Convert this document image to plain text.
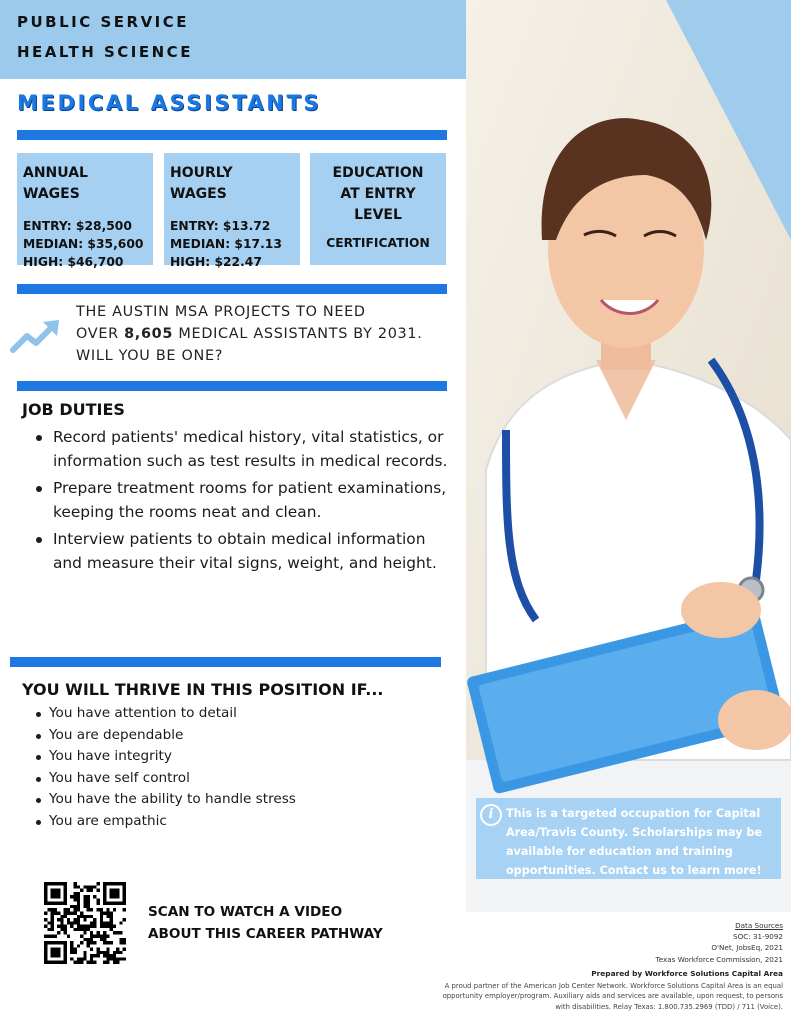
PUBLIC SERVICE
HEALTH SCIENCE
MEDICAL ASSISTANTS
ANNUAL WAGES
ENTRY: $28,500
MEDIAN: $35,600
HIGH: $46,700
HOURLY WAGES
ENTRY: $13.72
MEDIAN: $17.13
HIGH: $22.47
EDUCATION
AT ENTRY LEVEL
CERTIFICATION
THE AUSTIN MSA PROJECTS TO NEED
OVER 8,605 MEDICAL ASSISTANTS BY 2031.
WILL YOU BE ONE?
JOB DUTIES
Record patients' medical history, vital statistics, or information such as test results in medical records.
Prepare treatment rooms for patient examinations, keeping the rooms neat and clean.
Interview patients to obtain medical information and measure their vital signs, weight, and height.
YOU WILL THRIVE IN THIS POSITION IF...
You have attention to detail
You are dependable
You have integrity
You have self control
You have the ability to handle stress
You are empathic
SCAN TO WATCH A VIDEO
ABOUT THIS CAREER PATHWAY
i	This is a targeted occupation for Capital Area/Travis County. Scholarships may be available for education and training opportunities. Contact us to learn more!
Data Sources
SOC: 31-9092
O'Net, JobsEq, 2021
Texas Workforce Commission, 2021
Prepared by Workforce Solutions Capital Area
A proud partner of the American Job Center Network. Workforce Solutions Capital Area is an equal opportunity employer/program. Auxiliary aids and services are available, upon request, to persons with disabilities. Relay Texas: 1.800.735.2969 (TDD) / 711 (Voice).
